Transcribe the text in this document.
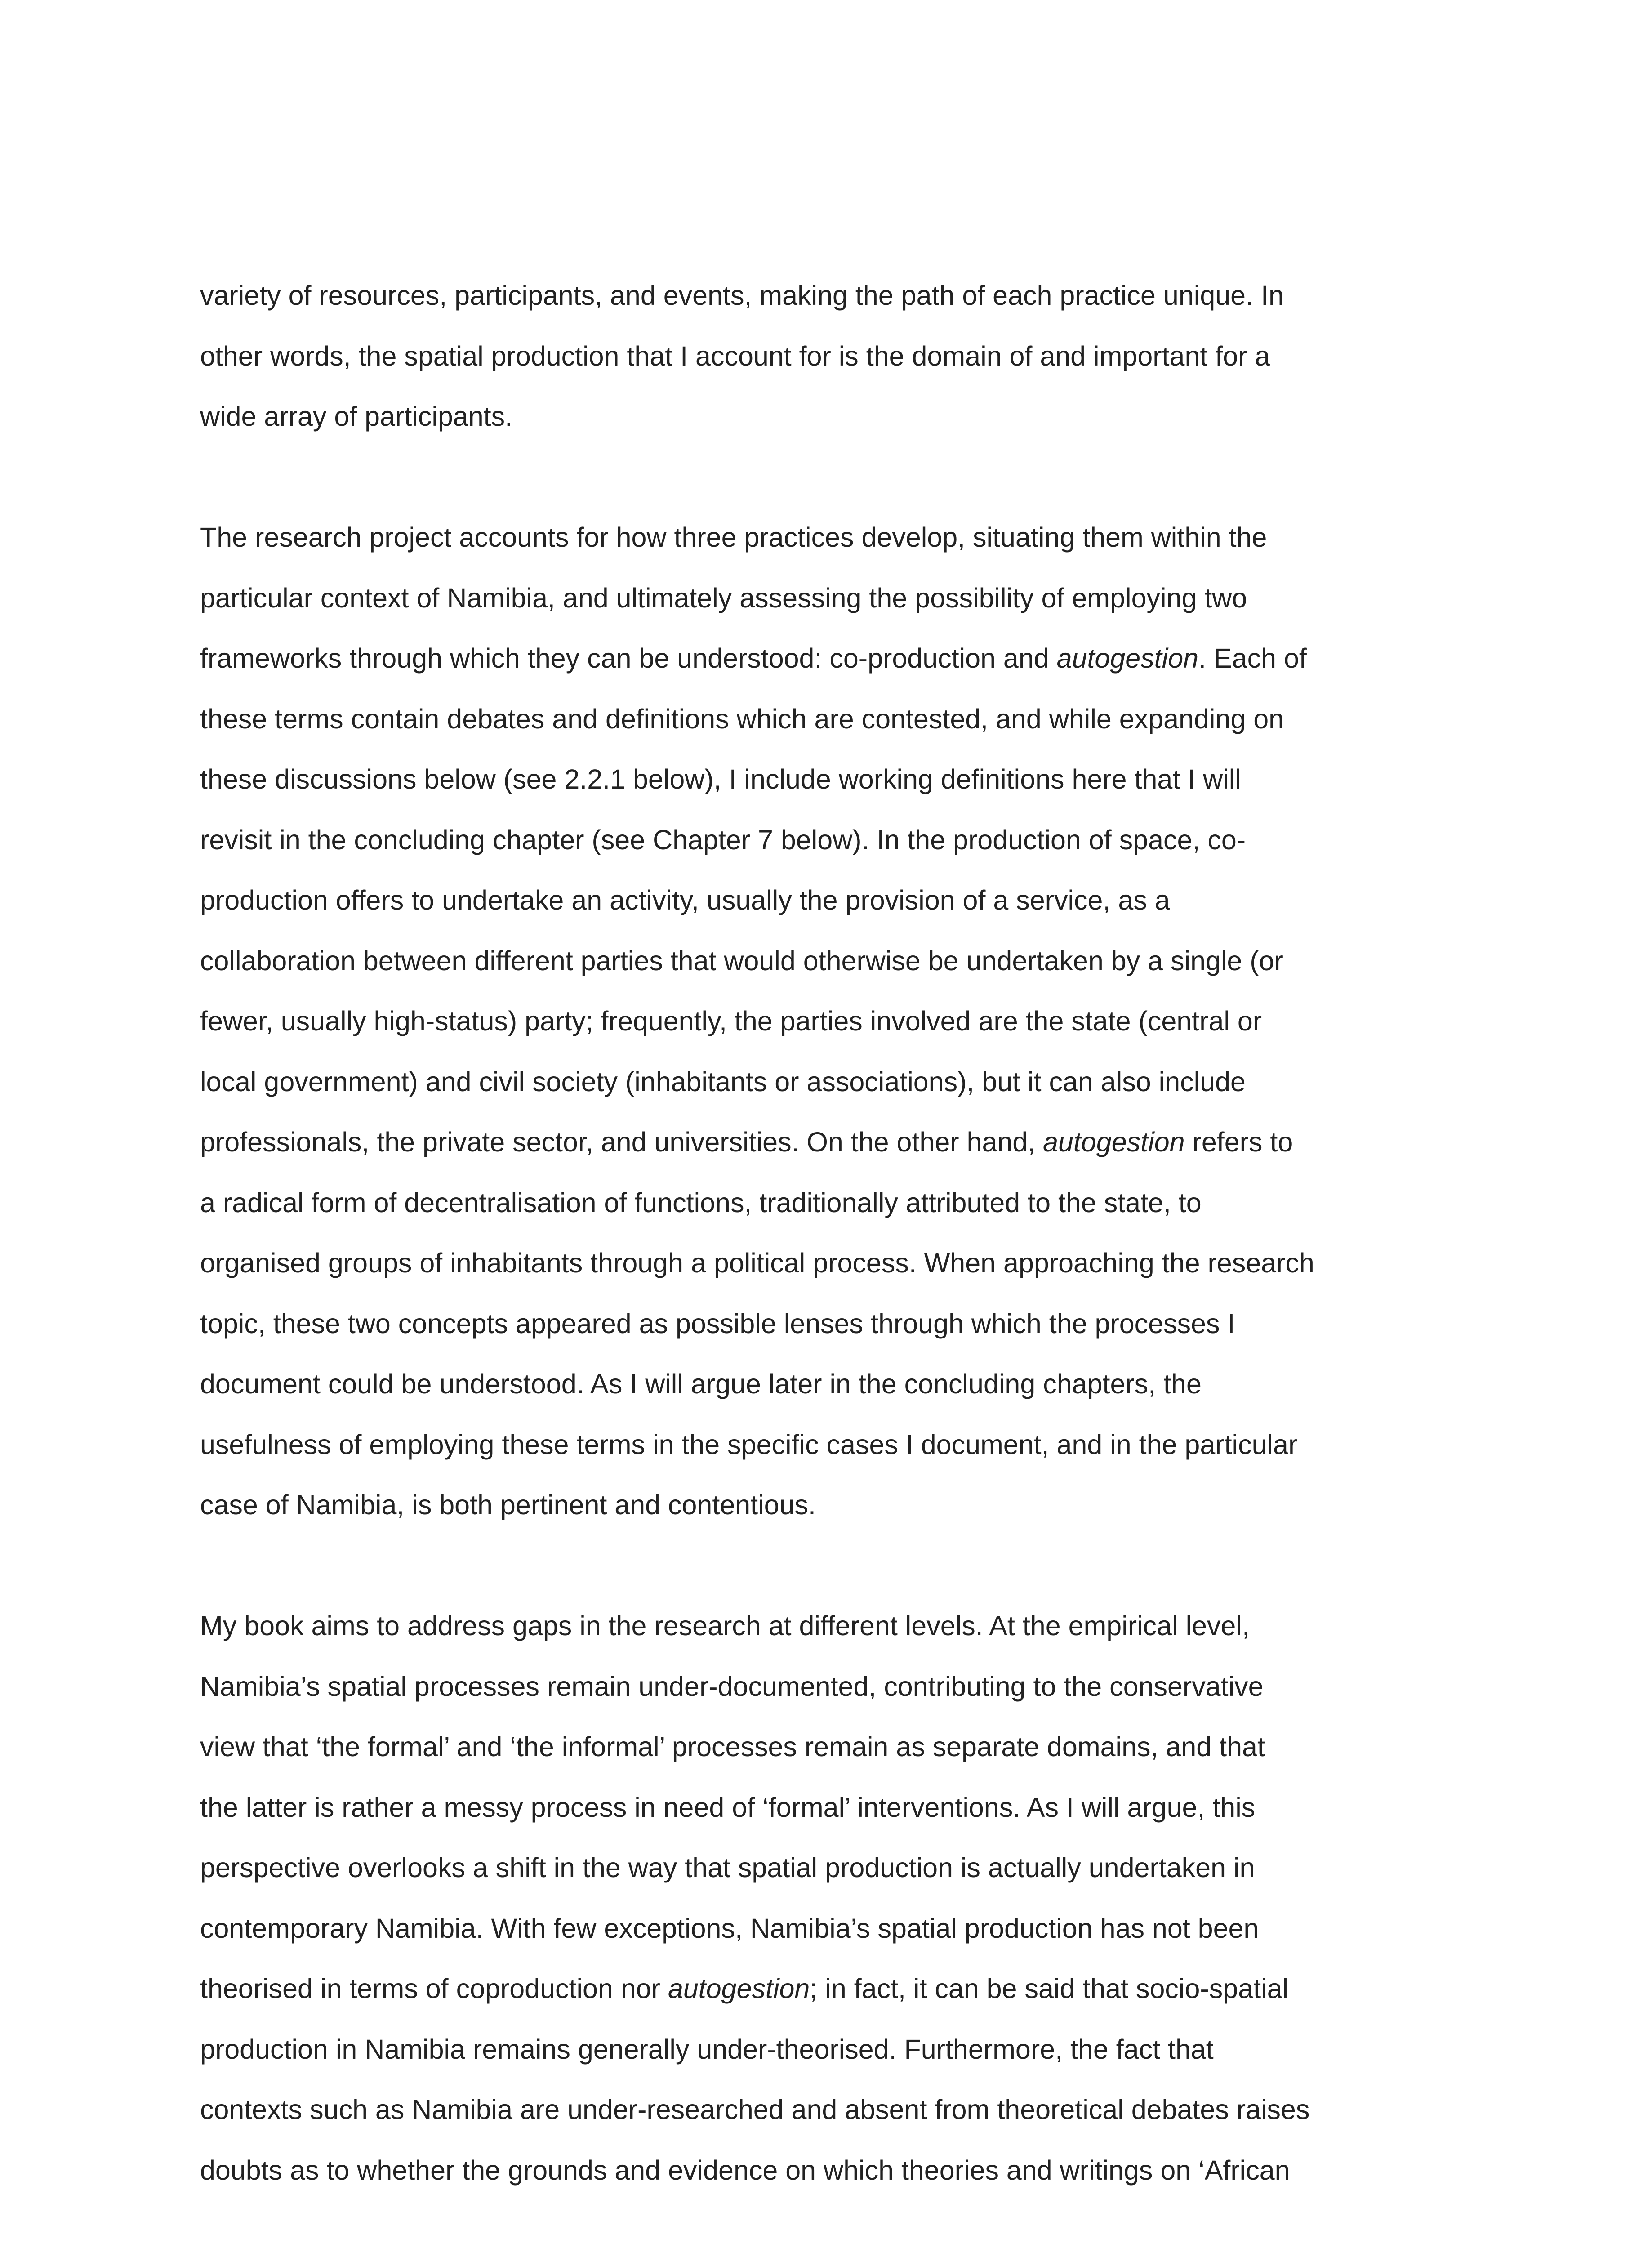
variety of resources, participants, and events, making the path of each practice unique. In
other words, the spatial production that I account for is the domain of and important for a
wide array of participants.

The research project accounts for how three practices develop, situating them within the
particular context of Namibia, and ultimately assessing the possibility of employing two
frameworks through which they can be understood: co-production and autogestion. Each of
these terms contain debates and definitions which are contested, and while expanding on
these discussions below (see 2.2.1 below), I include working definitions here that I will
revisit in the concluding chapter (see Chapter 7 below). In the production of space, co-
production offers to undertake an activity, usually the provision of a service, as a
collaboration between different parties that would otherwise be undertaken by a single (or
fewer, usually high-status) party; frequently, the parties involved are the state (central or
local government) and civil society (inhabitants or associations), but it can also include
professionals, the private sector, and universities. On the other hand, autogestion refers to
a radical form of decentralisation of functions, traditionally attributed to the state, to
organised groups of inhabitants through a political process. When approaching the research
topic, these two concepts appeared as possible lenses through which the processes I
document could be understood. As I will argue later in the concluding chapters, the
usefulness of employing these terms in the specific cases I document, and in the particular
case of Namibia, is both pertinent and contentious.

My book aims to address gaps in the research at different levels. At the empirical level,
Namibia’s spatial processes remain under-documented, contributing to the conservative
view that ‘the formal’ and ‘the informal’ processes remain as separate domains, and that
the latter is rather a messy process in need of ‘formal’ interventions. As I will argue, this
perspective overlooks a shift in the way that spatial production is actually undertaken in
contemporary Namibia. With few exceptions, Namibia’s spatial production has not been
theorised in terms of coproduction nor autogestion; in fact, it can be said that socio-spatial
production in Namibia remains generally under-theorised. Furthermore, the fact that
contexts such as Namibia are under-researched and absent from theoretical debates raises
doubts as to whether the grounds and evidence on which theories and writings on ‘African
